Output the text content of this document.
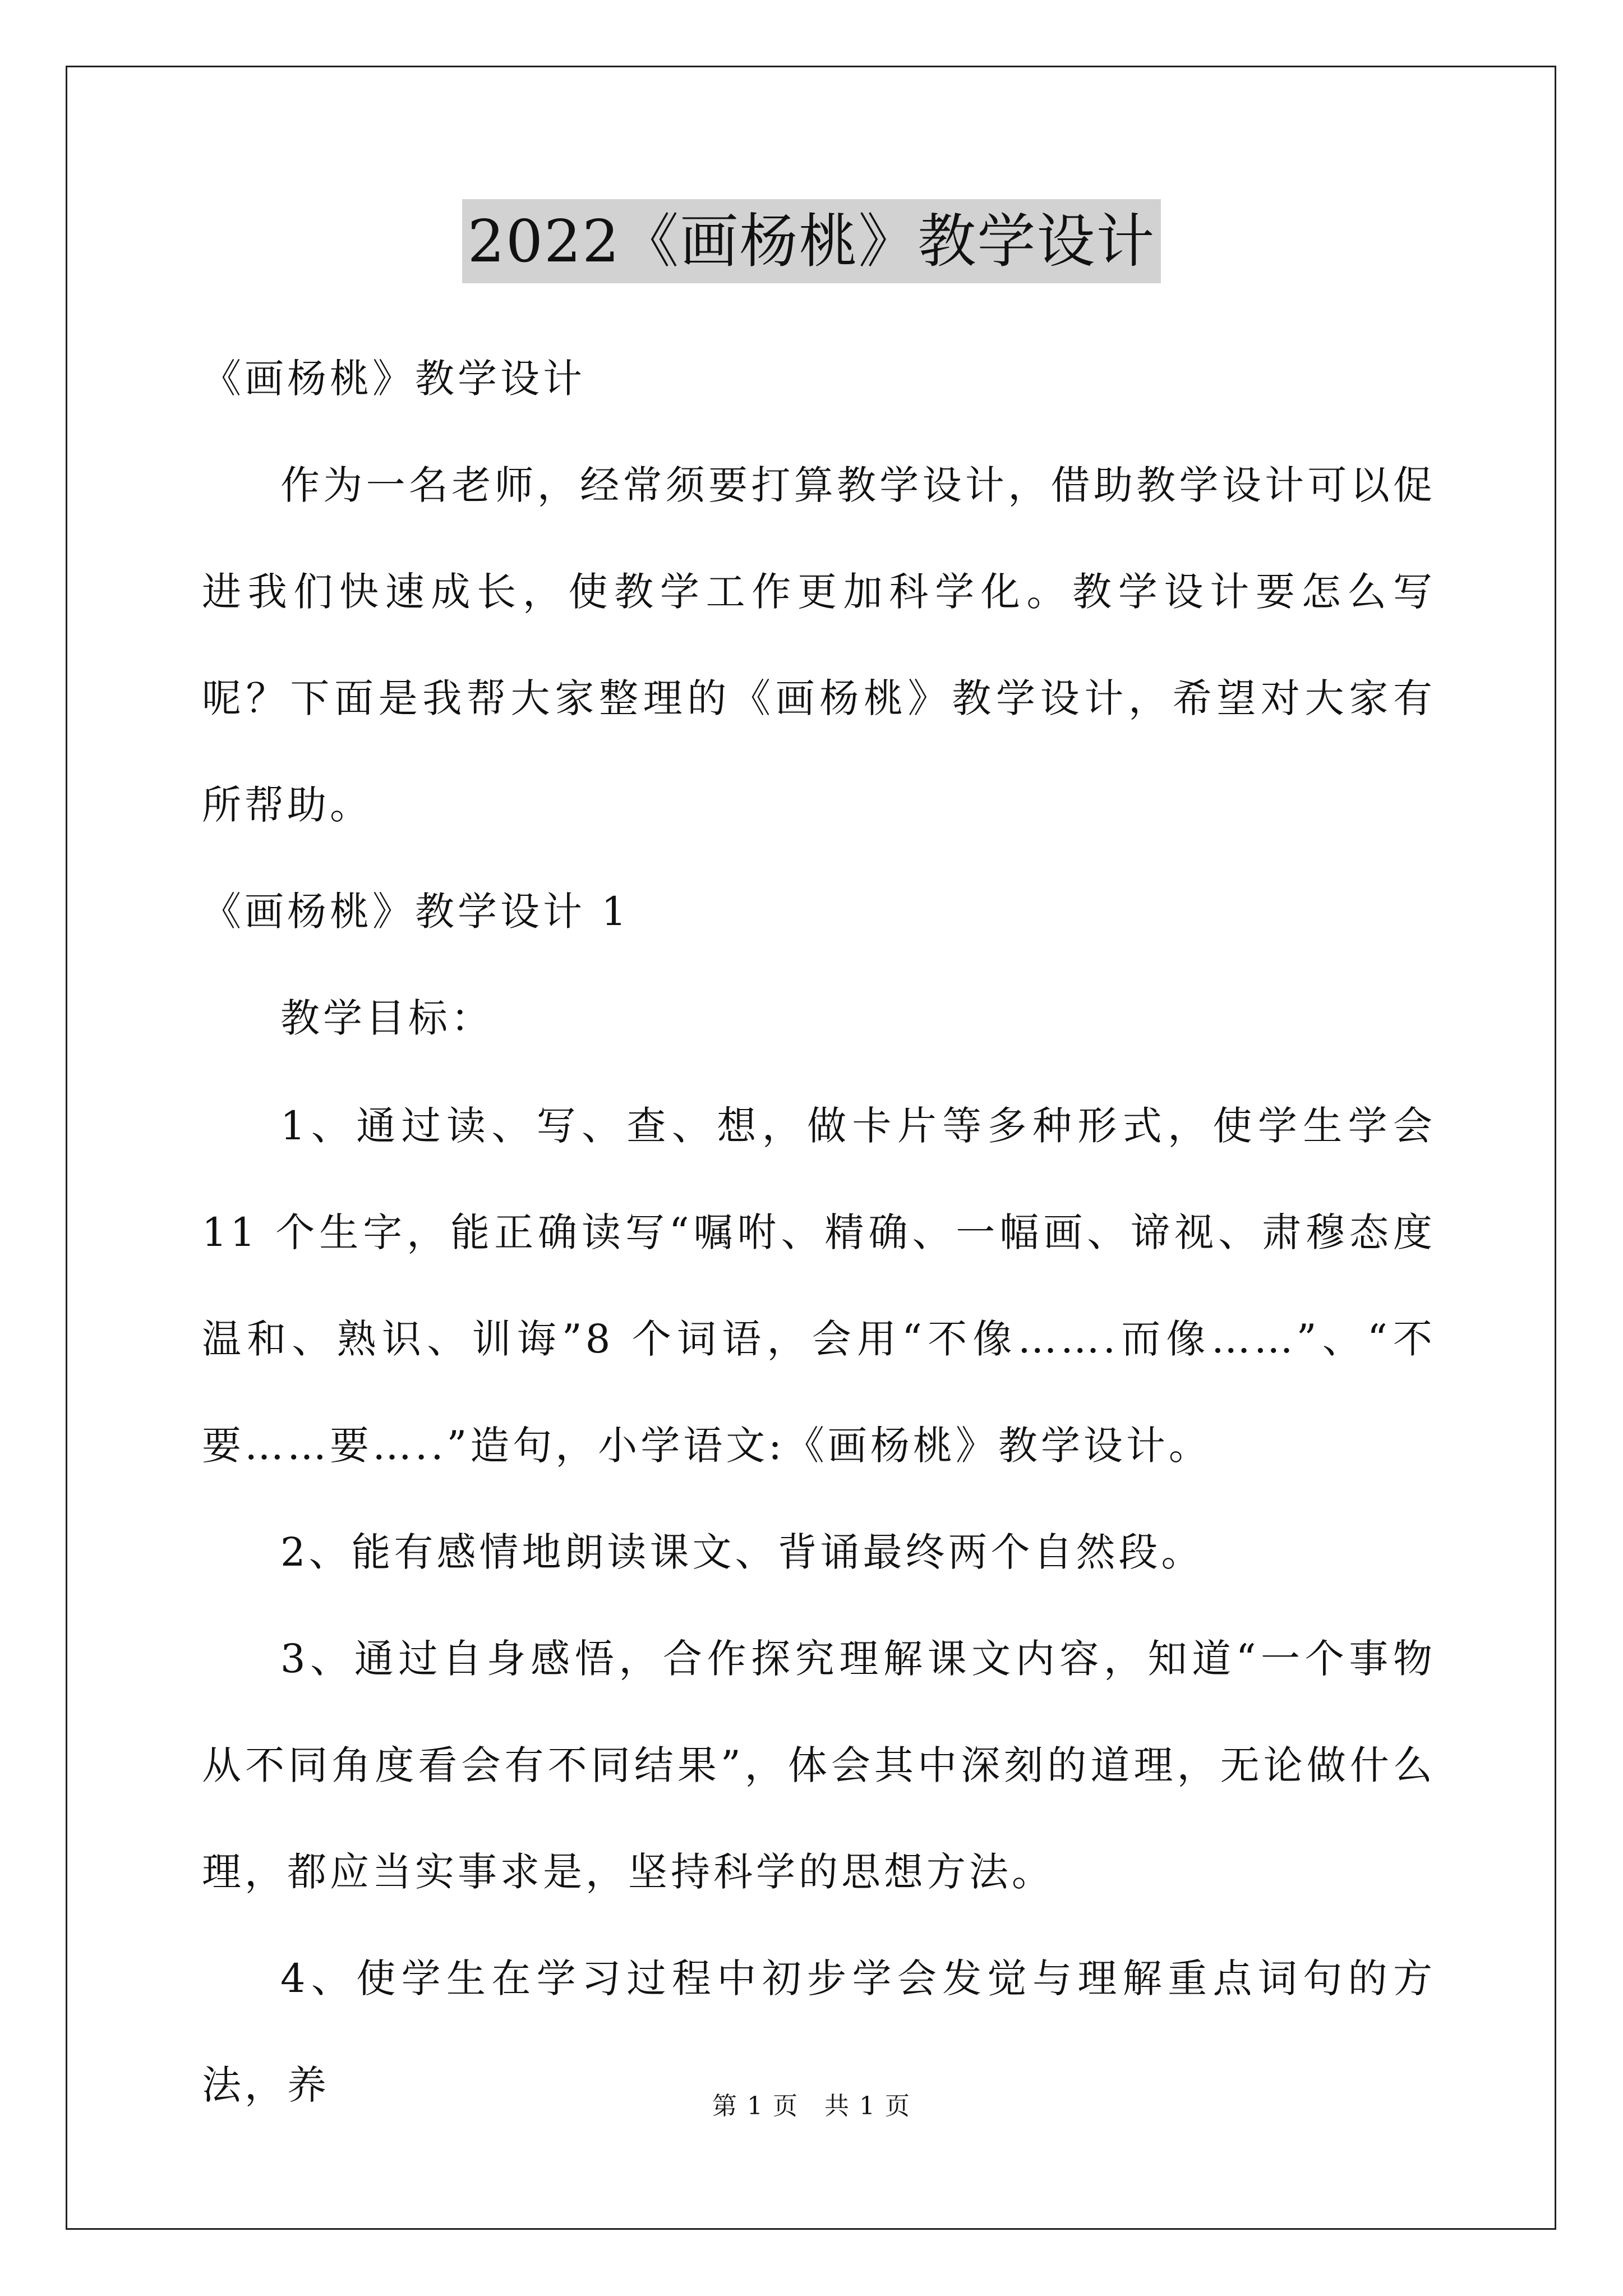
2022《画杨桃》教学设计
《画杨桃》教学设计
作为一名老师，经常须要打算教学设计，借助教学设计可以促进我们快速成长，使教学工作更加科学化。教学设计要怎么写呢？下面是我帮大家整理的《画杨桃》教学设计，希望对大家有所帮助。
《画杨桃》教学设计 1
教学目标：
1、通过读、写、查、想，做卡片等多种形式，使学生学会 11 个生字，能正确读写“嘱咐、精确、一幅画、谛视、肃穆态度温和、熟识、训诲”8 个词语，会用“不像…….而像……”、“不要……要…..”造句，小学语文:《画杨桃》教学设计。
2、能有感情地朗读课文、背诵最终两个自然段。
3、通过自身感悟，合作探究理解课文内容，知道“一个事物从不同角度看会有不同结果”，体会其中深刻的道理，无论做什么理，都应当实事求是，坚持科学的思想方法。
4、使学生在学习过程中初步学会发觉与理解重点词句的方法，养	第 1 页　共 1 页
